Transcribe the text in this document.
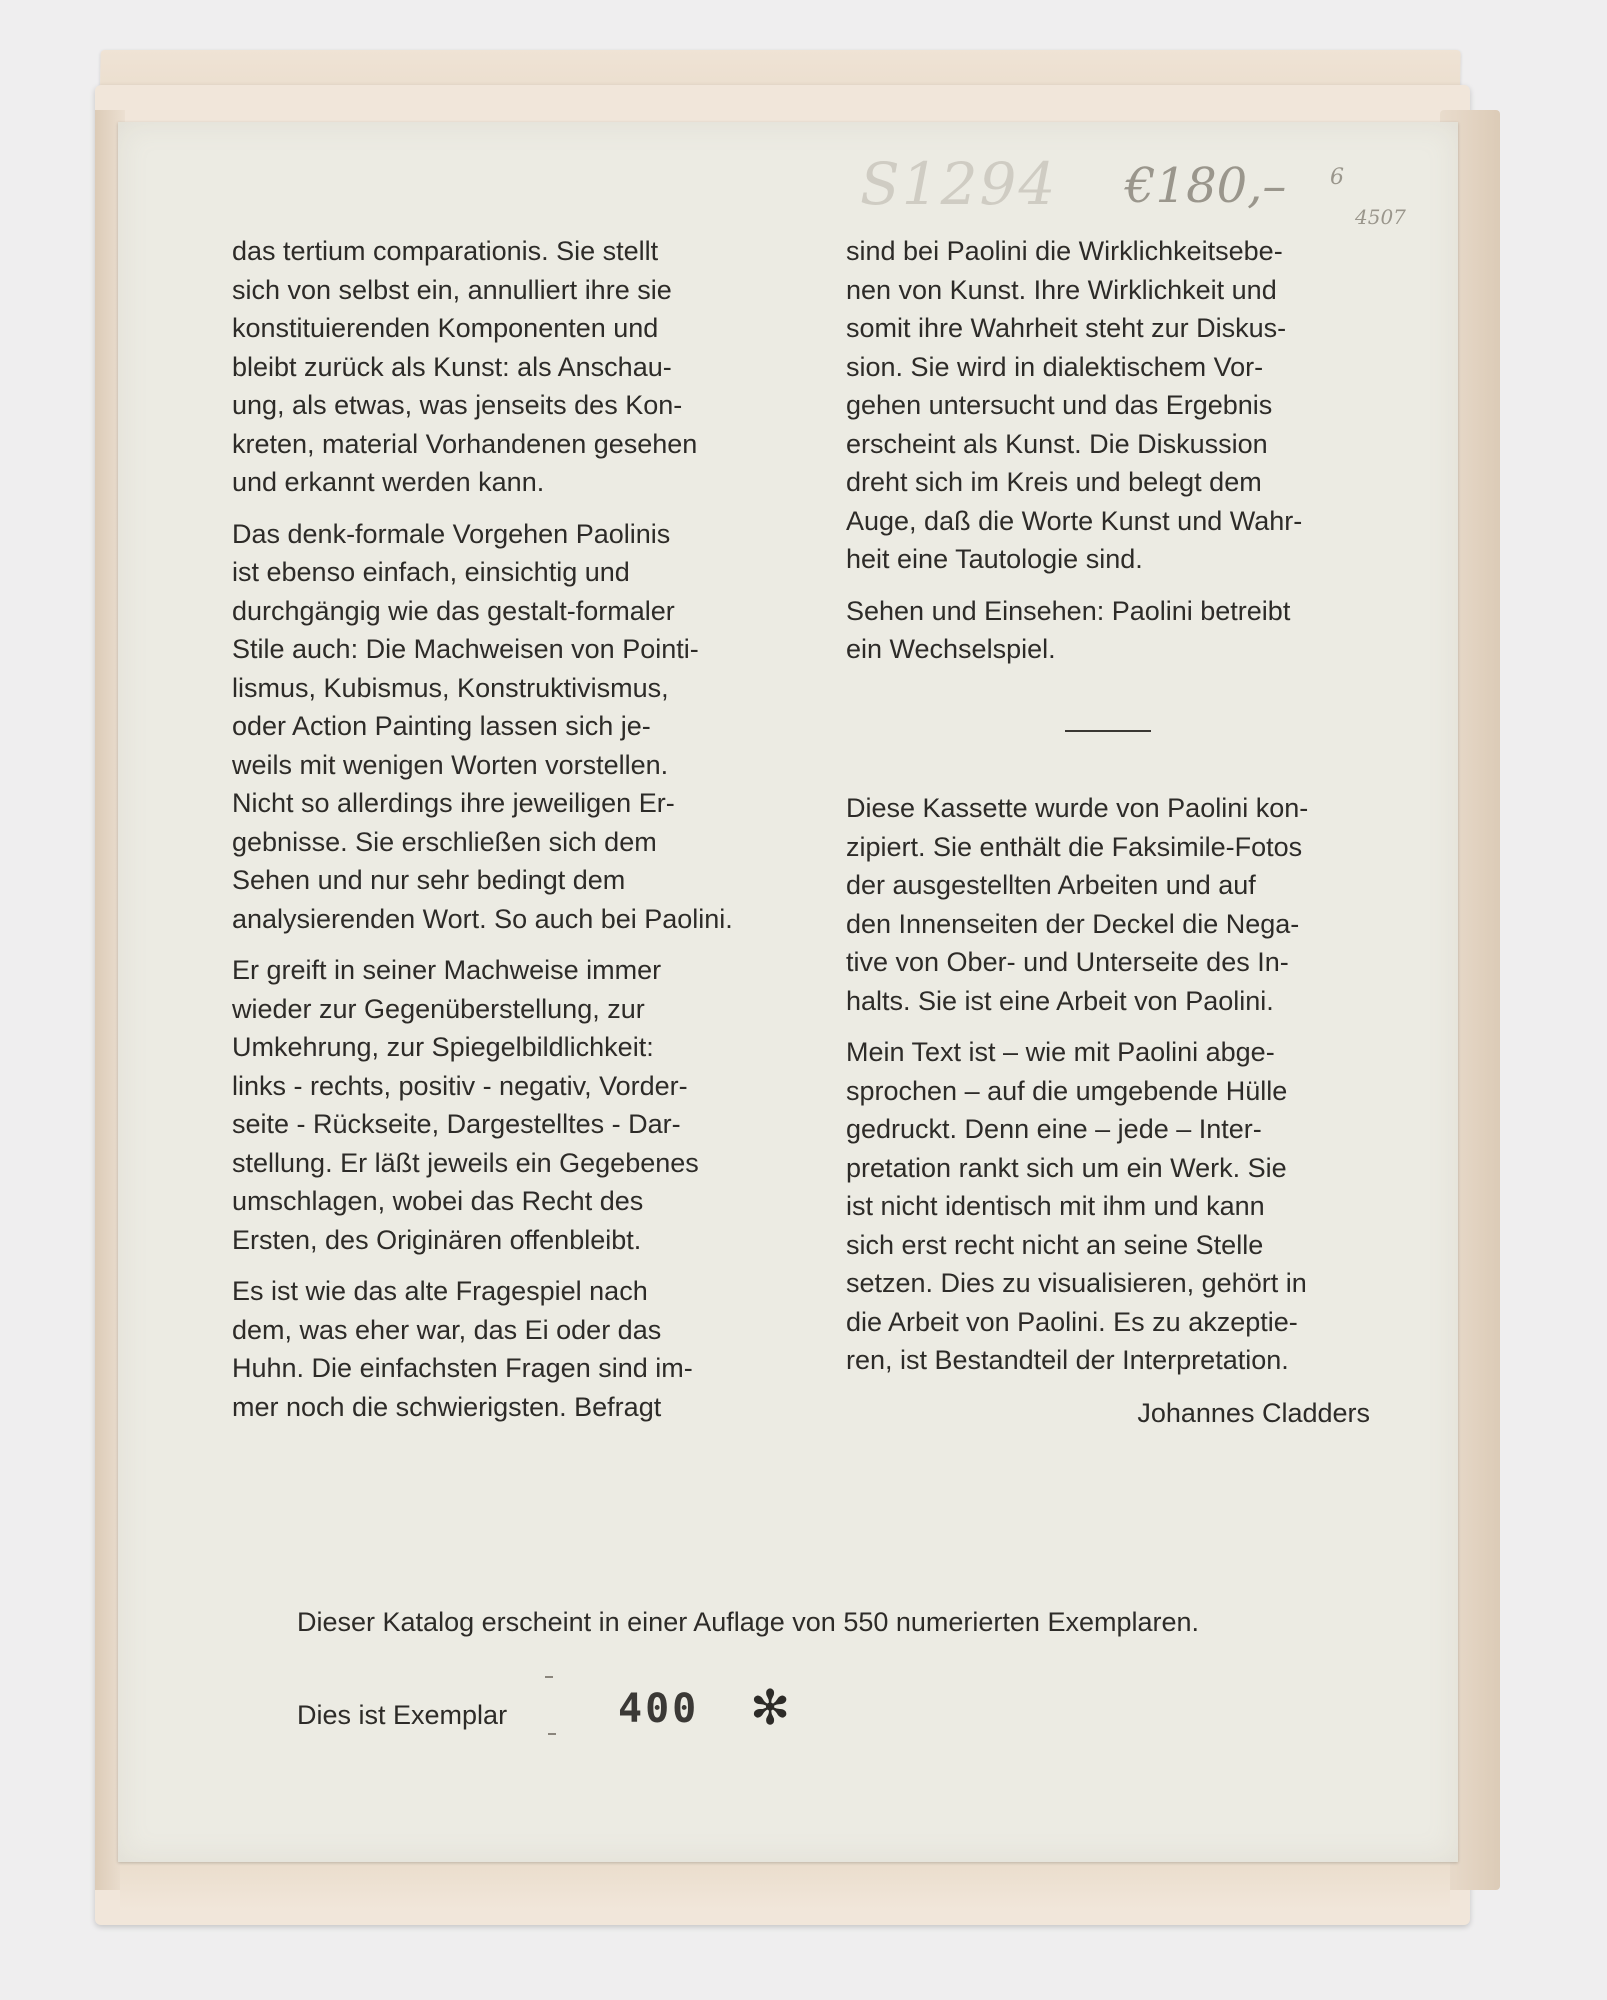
S1294 €180,– 6
4507
das tertium comparationis. Sie stellt
sich von selbst ein, annulliert ihre sie
konstituierenden Komponenten und
bleibt zurück als Kunst: als Anschau-
ung, als etwas, was jenseits des Kon-
kreten, material Vorhandenen gesehen
und erkannt werden kann.
Das denk-formale Vorgehen Paolinis
ist ebenso einfach, einsichtig und
durchgängig wie das gestalt-formaler
Stile auch: Die Machweisen von Pointi-
lismus, Kubismus, Konstruktivismus,
oder Action Painting lassen sich je-
weils mit wenigen Worten vorstellen.
Nicht so allerdings ihre jeweiligen Er-
gebnisse. Sie erschließen sich dem
Sehen und nur sehr bedingt dem
analysierenden Wort. So auch bei Paolini.
Er greift in seiner Machweise immer
wieder zur Gegenüberstellung, zur
Umkehrung, zur Spiegelbildlichkeit:
links - rechts, positiv - negativ, Vorder-
seite - Rückseite, Dargestelltes - Dar-
stellung. Er läßt jeweils ein Gegebenes
umschlagen, wobei das Recht des
Ersten, des Originären offenbleibt.
Es ist wie das alte Fragespiel nach
dem, was eher war, das Ei oder das
Huhn. Die einfachsten Fragen sind im-
mer noch die schwierigsten. Befragt
sind bei Paolini die Wirklichkeitsebe-
nen von Kunst. Ihre Wirklichkeit und
somit ihre Wahrheit steht zur Diskus-
sion. Sie wird in dialektischem Vor-
gehen untersucht und das Ergebnis
erscheint als Kunst. Die Diskussion
dreht sich im Kreis und belegt dem
Auge, daß die Worte Kunst und Wahr-
heit eine Tautologie sind.
Sehen und Einsehen: Paolini betreibt
ein Wechselspiel.
Diese Kassette wurde von Paolini kon-
zipiert. Sie enthält die Faksimile-Fotos
der ausgestellten Arbeiten und auf
den Innenseiten der Deckel die Nega-
tive von Ober- und Unterseite des In-
halts. Sie ist eine Arbeit von Paolini.
Mein Text ist – wie mit Paolini abge-
sprochen – auf die umgebende Hülle
gedruckt. Denn eine – jede – Inter-
pretation rankt sich um ein Werk. Sie
ist nicht identisch mit ihm und kann
sich erst recht nicht an seine Stelle
setzen. Dies zu visualisieren, gehört in
die Arbeit von Paolini. Es zu akzeptie-
ren, ist Bestandteil der Interpretation.
Johannes Cladders
Dieser Katalog erscheint in einer Auflage von 550 numerierten Exemplaren.
Dies ist Exemplar	400 ✻
